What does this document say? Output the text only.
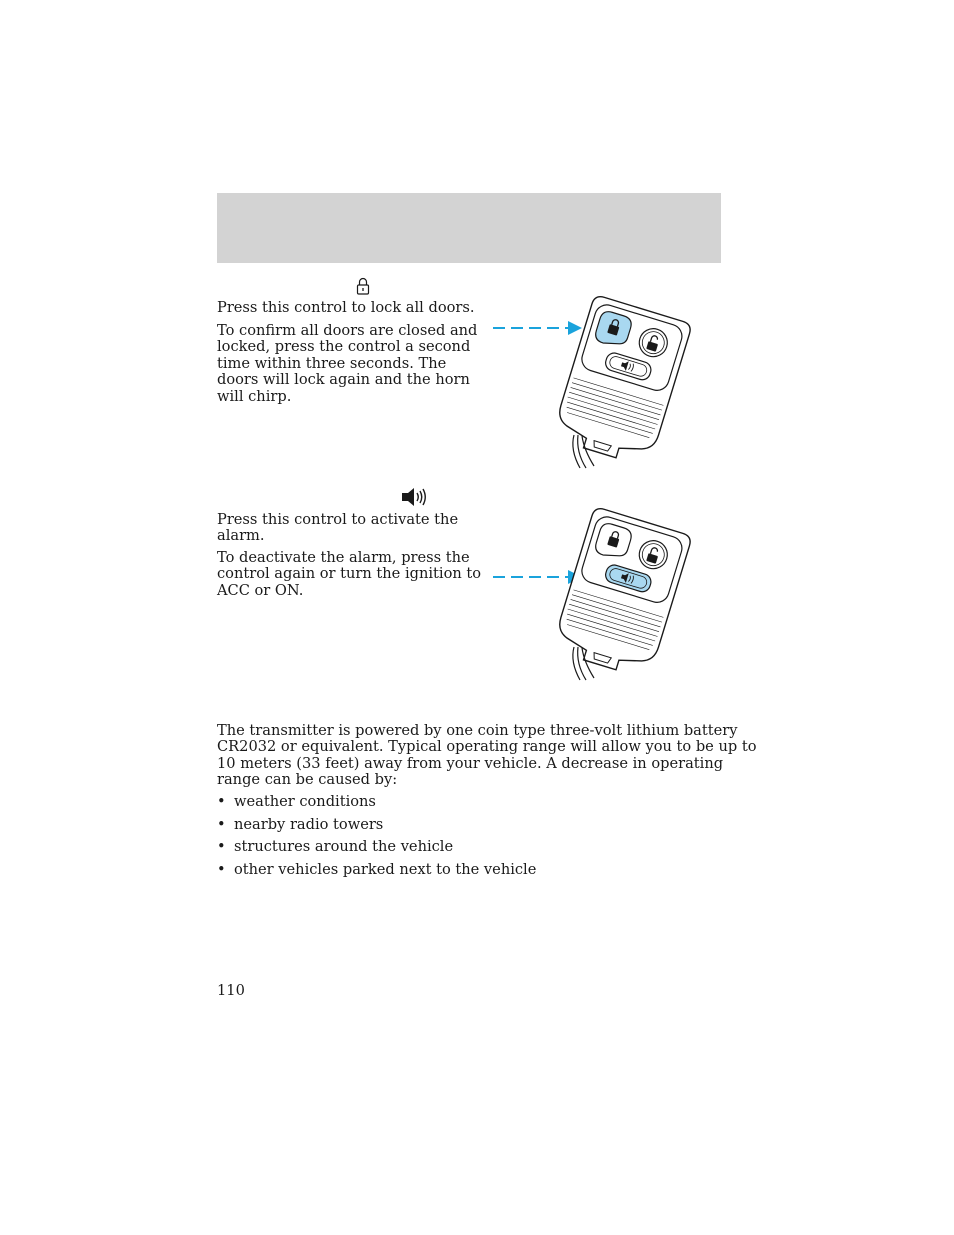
Press this control to lock all doors.

To confirm all doors are closed and
locked, press the control a second
time within three seconds. The
doors will lock again and the horn
will chirp.
Press this control to activate the
alarm.
To deactivate the alarm, press the
control again or turn the ignition to
ACC or ON.
The transmitter is powered by one coin type three-volt lithium battery
CR2032 or equivalent. Typical operating range will allow you to be up to
10 meters (33 feet) away from your vehicle. A decrease in operating
range can be caused by:
• weather conditions
• nearby radio towers
• structures around the vehicle
• other vehicles parked next to the vehicle
110
